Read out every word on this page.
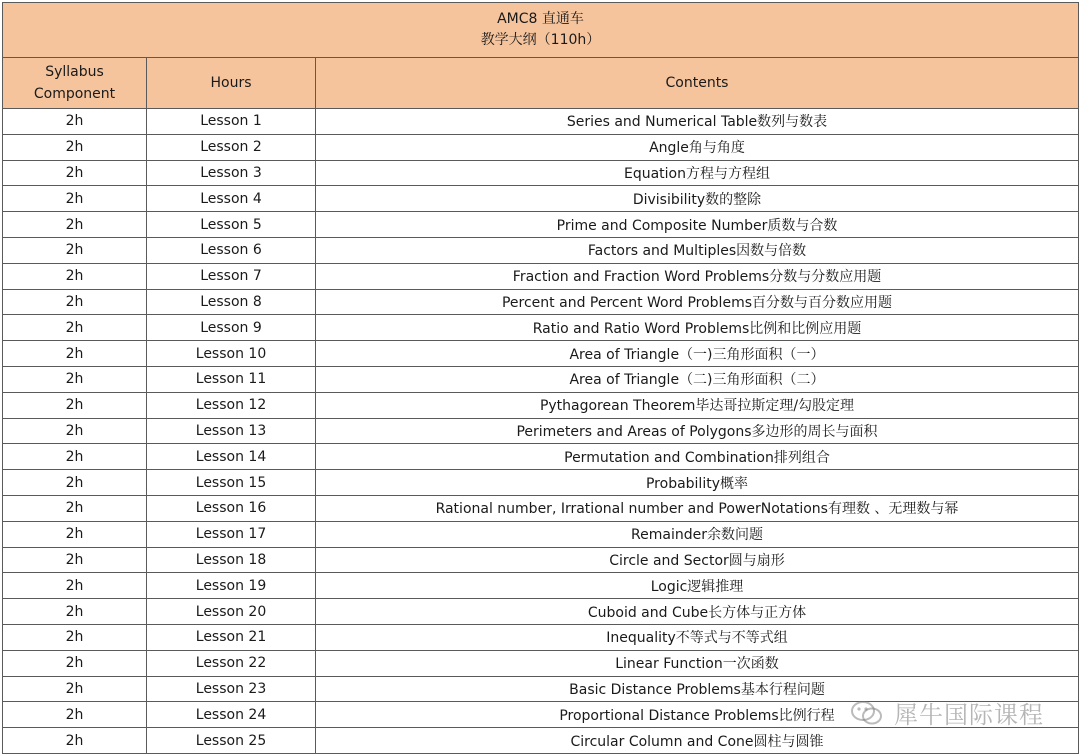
AMC8 直通车
教学大纲（110h）		

Syllabus
Component	Hours	Contents
2h	Lesson 1	Series and Numerical Table数列与数表
2h	Lesson 2	Angle角与角度
2h	Lesson 3	Equation方程与方程组
2h	Lesson 4	Divisibility数的整除
2h	Lesson 5	Prime and Composite Number质数与合数
2h	Lesson 6	Factors and Multiples因数与倍数
2h	Lesson 7	Fraction and Fraction Word Problems分数与分数应用题
2h	Lesson 8	Percent and Percent Word Problems百分数与百分数应用题
2h	Lesson 9	Ratio and Ratio Word Problems比例和比例应用题
2h	Lesson 10	Area of Triangle（一)三角形面积（一）
2h	Lesson 11	Area of Triangle（二)三角形面积（二）
2h	Lesson 12	Pythagorean Theorem毕达哥拉斯定理/勾股定理
2h	Lesson 13	Perimeters and Areas of Polygons多边形的周长与面积
2h	Lesson 14	Permutation and Combination排列组合
2h	Lesson 15	Probability概率
2h	Lesson 16	Rational number, Irrational number and PowerNotations有理数 、无理数与幂
2h	Lesson 17	Remainder余数问题
2h	Lesson 18	Circle and Sector圆与扇形
2h	Lesson 19	Logic逻辑推理
2h	Lesson 20	Cuboid and Cube长方体与正方体
2h	Lesson 21	Inequality不等式与不等式组
2h	Lesson 22	Linear Function一次函数
2h	Lesson 23	Basic Distance Problems基本行程问题
2h	Lesson 24	Proportional Distance Problems比例行程
2h	Lesson 25	Circular Column and Cone圆柱与圆锥
犀牛国际课程
